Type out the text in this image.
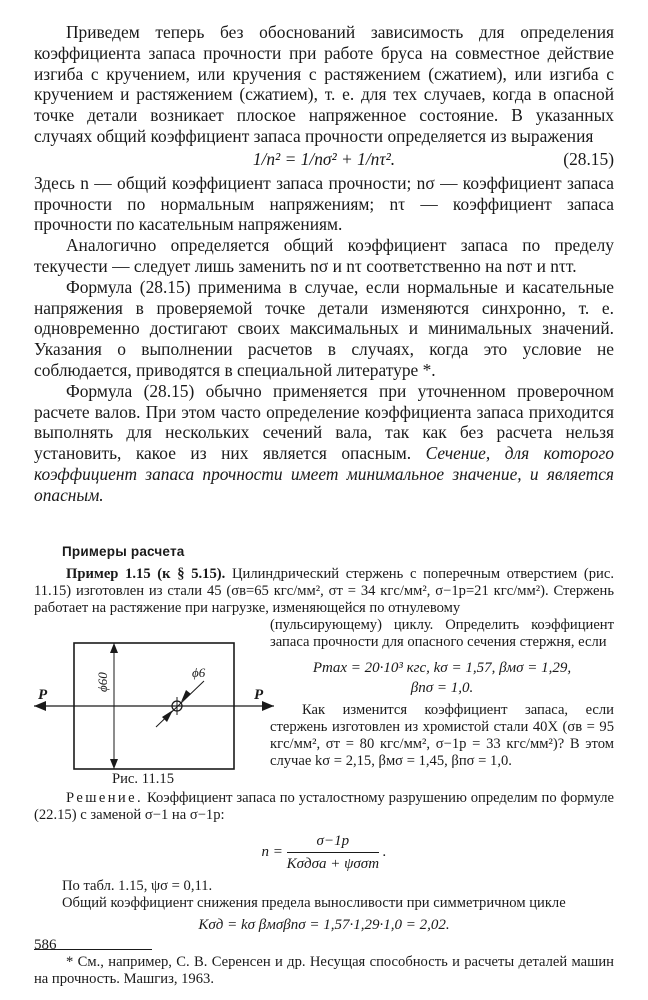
Приведем теперь без обоснований зависимость для определения коэффициента запаса прочности при работе бруса на совместное действие изгиба с кручением, или кручения с растяжением (сжатием), или изгиба с кручением и растяжением (сжатием), т. е. для тех случаев, когда в опасной точке детали возникает плоское напряженное состояние. В указанных случаях общий коэффициент запаса прочности определяется из выражения

1/n² = 1/nσ² + 1/nτ².	(28.15)

Здесь n — общий коэффициент запаса прочности; nσ — коэффициент запаса прочности по нормальным напряжениям; nτ — коэффициент запаса прочности по касательным напряжениям.

Аналогично определяется общий коэффициент запаса по пределу текучести — следует лишь заменить nσ и nτ соответственно на nσт и nτт.

Формула (28.15) применима в случае, если нормальные и касательные напряжения в проверяемой точке детали изменяются синхронно, т. е. одновременно достигают своих максимальных и минимальных значений. Указания о выполнении расчетов в случаях, когда это условие не соблюдается, приводятся в специальной литературе *.

Формула (28.15) обычно применяется при уточненном проверочном расчете валов. При этом часто определение коэффициента запаса приходится выполнять для нескольких сечений вала, так как без расчета нельзя установить, какое из них является опасным. Сечение, для которого коэффициент запаса прочности имеет минимальное значение, и является опасным.

Примеры расчета

Пример 1.15 (к § 5.15). Цилиндрический стержень с поперечным отверстием (рис. 11.15) изготовлен из стали 45 (σв=65 кгс/мм², σт = 34 кгс/мм², σ−1р=21 кгс/мм²). Стержень работает на растяжение при нагрузке, изменяющейся по отнулевому

P	P
ϕ60	ϕ6
Рис. 11.15

(пульсирующему) циклу. Определить коэффициент запаса прочности для опасного сечения стержня, если

Pmax = 20·10³ кгс, kσ = 1,57, βмσ = 1,29,
βпσ = 1,0.

Как изменится коэффициент запаса, если стержень изготовлен из хромистой стали 40Х (σв = 95 кгс/мм², σт = 80 кгс/мм², σ−1р = 33 кгс/мм²)? В этом случае kσ = 2,15, βмσ = 1,45, βпσ = 1,0.

Решение. Коэффициент запаса по усталостному разрушению определим по формуле (22.15) с заменой σ−1 на σ−1р:

$n = \frac{\sigma-1р}{\text{Kσдσa + ψσσm}}$ .

По табл. 1.15, ψσ = 0,11.

Общий коэффициент снижения предела выносливости при симметричном цикле

Kσд = kσ βмσβпσ = 1,57·1,29·1,0 = 2,02.

* См., например, С. В. Серенсен и др. Несущая способность и расчеты деталей машин на прочность. Машгиз, 1963.

586
